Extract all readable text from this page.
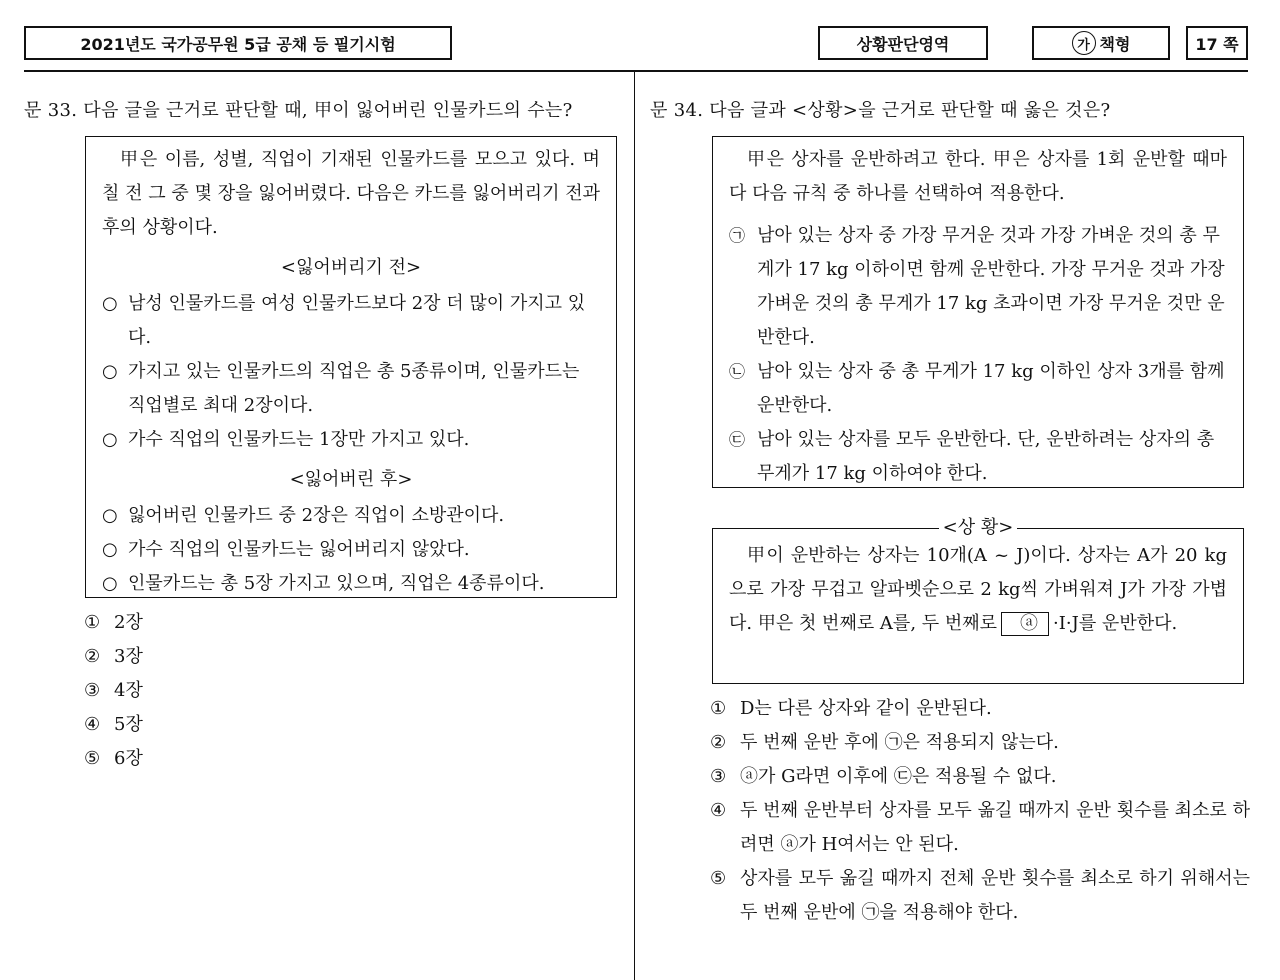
2021년도 국가공무원 5급 공채 등 필기시험	상황판단영역	가 책형	17 쪽
문 33. 다음 글을 근거로 판단할 때, 甲이 잃어버린 인물카드의 수는?

甲은 이름, 성별, 직업이 기재된 인물카드를 모으고 있다. 며칠 전 그 중 몇 장을 잃어버렸다. 다음은 카드를 잃어버리기 전과 후의 상황이다.

<잃어버리기 전>
○ 남성 인물카드를 여성 인물카드보다 2장 더 많이 가지고 있다.
○ 가지고 있는 인물카드의 직업은 총 5종류이며, 인물카드는 직업별로 최대 2장이다.
○ 가수 직업의 인물카드는 1장만 가지고 있다.
<잃어버린 후>
○ 잃어버린 인물카드 중 2장은 직업이 소방관이다.
○ 가수 직업의 인물카드는 잃어버리지 않았다.
○ 인물카드는 총 5장 가지고 있으며, 직업은 4종류이다.
① 2장
② 3장
③ 4장
④ 5장
⑤ 6장
문 34. 다음 글과 <상황>을 근거로 판단할 때 옳은 것은?

甲은 상자를 운반하려고 한다. 甲은 상자를 1회 운반할 때마다 다음 규칙 중 하나를 선택하여 적용한다.

㉠ 남아 있는 상자 중 가장 무거운 것과 가장 가벼운 것의 총 무게가 17 kg 이하이면 함께 운반한다. 가장 무거운 것과 가장 가벼운 것의 총 무게가 17 kg 초과이면 가장 무거운 것만 운반한다.
㉡ 남아 있는 상자 중 총 무게가 17 kg 이하인 상자 3개를 함께 운반한다.
㉢ 남아 있는 상자를 모두 운반한다. 단, 운반하려는 상자의 총 무게가 17 kg 이하여야 한다.
<상 황>

甲이 운반하는 상자는 10개(A ~ J)이다. 상자는 A가 20 kg으로 가장 무겁고 알파벳순으로 2 kg씩 가벼워져 J가 가장 가볍다. 甲은 첫 번째로 A를, 두 번째로 ⓐ ·I·J를 운반한다.

① D는 다른 상자와 같이 운반된다.
② 두 번째 운반 후에 ㉠은 적용되지 않는다.
③ ⓐ가 G라면 이후에 ㉢은 적용될 수 없다.
④ 두 번째 운반부터 상자를 모두 옮길 때까지 운반 횟수를 최소로 하려면 ⓐ가 H여서는 안 된다.
⑤ 상자를 모두 옮길 때까지 전체 운반 횟수를 최소로 하기 위해서는 두 번째 운반에 ㉠을 적용해야 한다.
